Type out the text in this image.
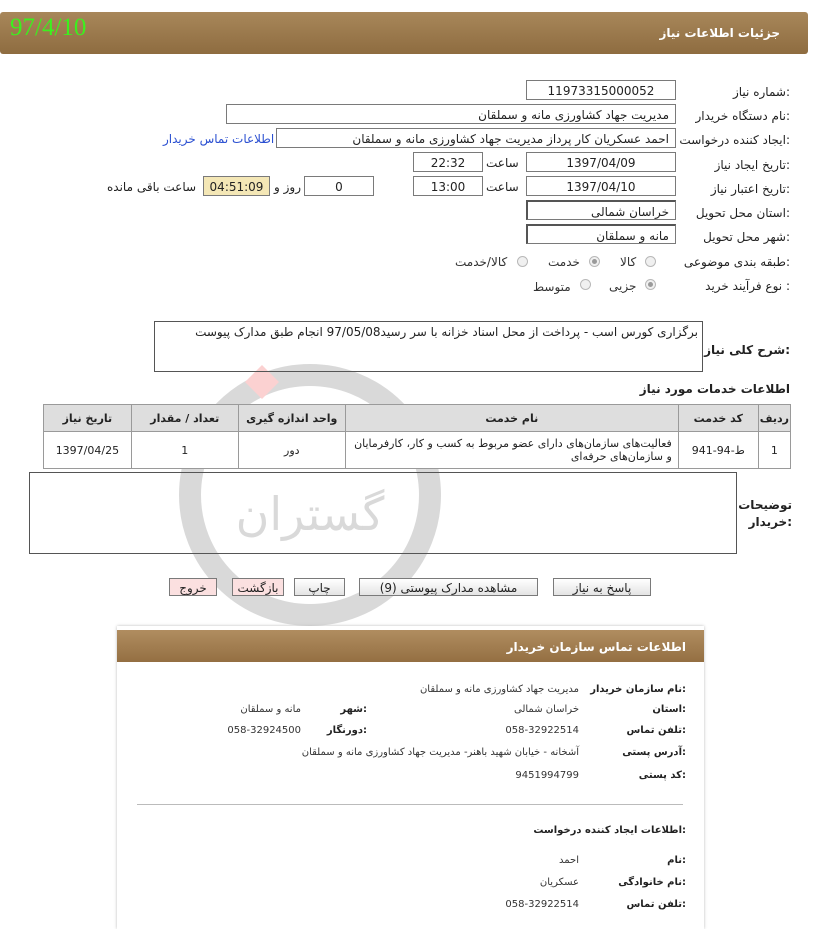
جزئیات اطلاعات نیاز
97/4/10
گستران
شماره نیاز:
1197331500005‎2
نام دستگاه خریدار:
مدیریت جهاد کشاورزی مانه و سملقان
ایجاد کننده درخواست:
احمد عسکریان کار پرداز مدیریت جهاد کشاورزی مانه و سملقان
اطلاعات تماس خریدار
تاریخ ایجاد نیاز:
1397/04/09
ساعت
22:32
تاریخ اعتبار نیاز:
1397/04/10
ساعت
13:00
0
روز و
04:51:09
ساعت باقی مانده
استان محل تحویل:
خراسان شمالی
شهر محل تحویل:
مانه و سملقان
طبقه بندی موضوعی:
کالا
خدمت
کالا/خدمت
نوع فرآیند خرید :
جزیی
متوسط
شرح کلی نیاز:
برگزاری کورس اسب - پرداخت از محل اسناد خزانه با سر رسید97/05/08 انجام طبق مدارک پیوست
اطلاعات خدمات مورد نیاز
ردیف	کد خدمت	نام خدمت	واحد اندازه گیری	تعداد / مقدار	تاریخ نیاز
1	ط-94-941	فعالیت‌های سازمان‌های دارای عضو مربوط به کسب و کار، کارفرمایان و سازمان‌های حرفه‌ای	دور	1	1397/04/25
توضیحات
خریدار:
پاسخ به نیاز
مشاهده مدارک پیوستی (9)
چاپ
بازگشت
خروج
اطلاعات تماس سازمان خریدار
نام سازمان خریدار:
مدیریت جهاد کشاورزی مانه و سملقان
استان:
خراسان شمالی
شهر:
مانه و سملقان
تلفن تماس:
058-32922514
دورنگار:
058-32924500
آدرس پستی:
آشخانه - خیابان شهید باهنر- مدیریت جهاد کشاورزی مانه و سملقان
کد پستی:
9451994799
اطلاعات ایجاد کننده درخواست:
نام:
احمد
نام خانوادگی:
عسکریان
تلفن تماس:
058-32922514
